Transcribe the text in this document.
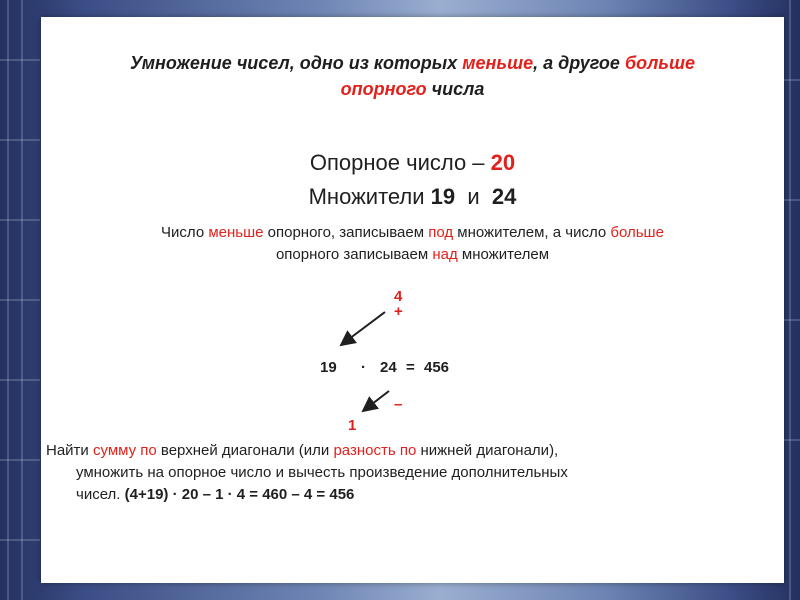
Умножение чисел, одно из которых меньше, а другое больше
опорного числа
Опорное число – 20
Множители 19 и 24
Число меньше опорного, записываем под множителем, а число больше
опорного записываем над множителем
4
+
19 · 24 = 456
–
1
Найти сумму по верхней диагонали (или разность по нижней диагонали),
умножить на опорное число и вычесть произведение дополнительных
чисел. (4+19) · 20 – 1 · 4 = 460 – 4 = 456
